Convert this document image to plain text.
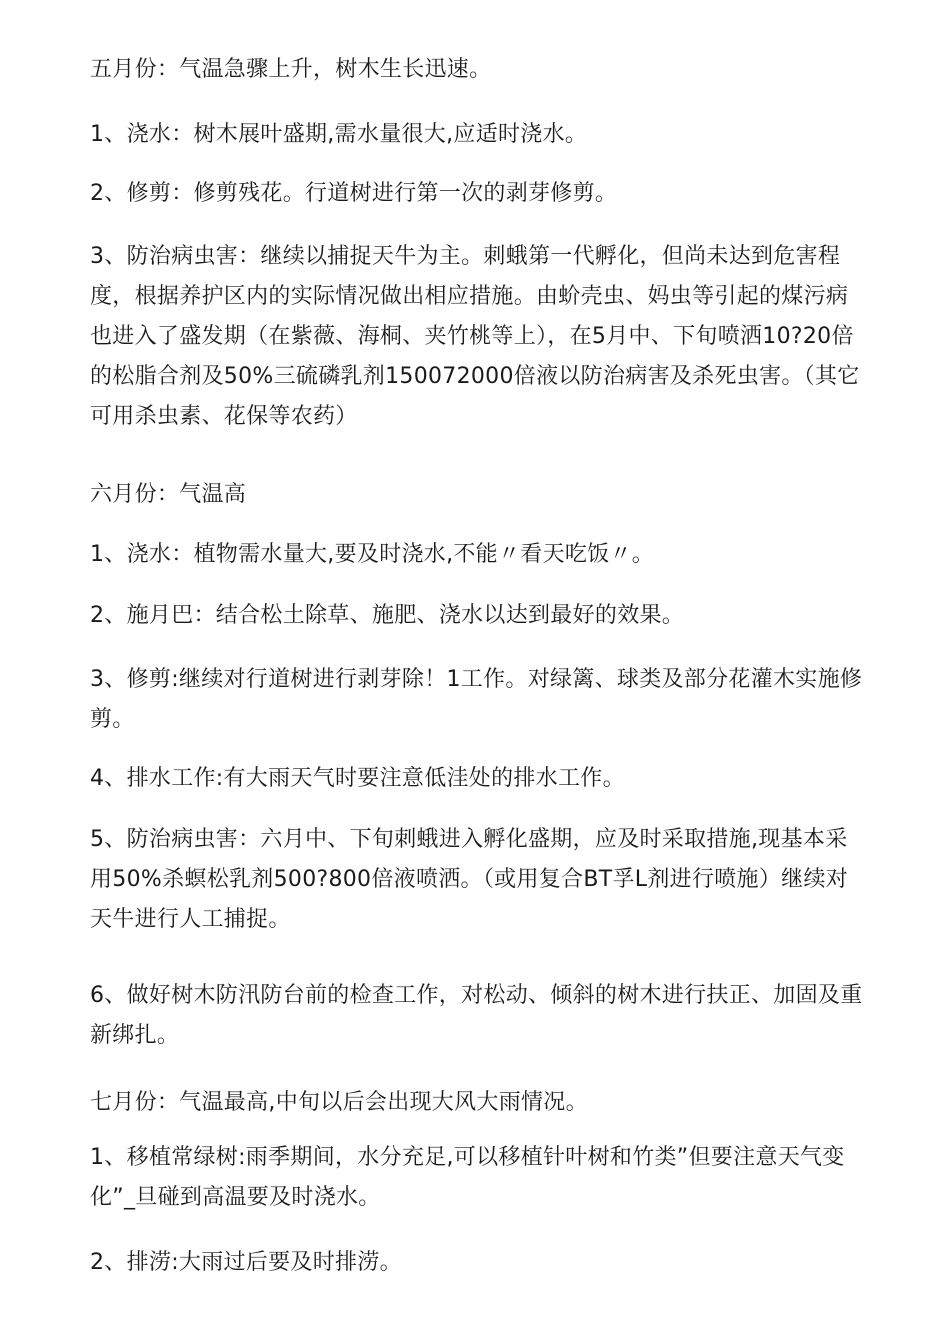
五月份：气温急骤上升，树木生长迅速。

1、浇水：树木展叶盛期,需水量很大,应适时浇水。

2、修剪：修剪残花。行道树进行第一次的剥芽修剪。

3、防治病虫害：继续以捕捉天牛为主。刺蛾第一代孵化，但尚未达到危害程度，根据养护区内的实际情况做出相应措施。由蚧壳虫、妈虫等引起的煤污病也进入了盛发期（在紫薇、海桐、夹竹桃等上），在5月中、下旬喷洒10?20倍的松脂合剂及50%三硫磷乳剂150072000倍液以防治病害及杀死虫害。（其它可用杀虫素、花保等农药）

六月份：气温高

1、浇水：植物需水量大,要及时浇水,不能〃看天吃饭〃。

2、施月巴：结合松土除草、施肥、浇水以达到最好的效果。

3、修剪:继续对行道树进行剥芽除！1工作。对绿篱、球类及部分花灌木实施修剪。

4、排水工作:有大雨天气时要注意低洼处的排水工作。

5、防治病虫害：六月中、下旬刺蛾进入孵化盛期，应及时采取措施,现基本采用50%杀螟松乳剂500?800倍液喷洒。（或用复合BT孚L剂进行喷施）继续对天牛进行人工捕捉。

6、做好树木防汛防台前的检查工作，对松动、倾斜的树木进行扶正、加固及重新绑扎。

七月份：气温最高,中旬以后会出现大风大雨情况。

1、移植常绿树:雨季期间，水分充足,可以移植针叶树和竹类”但要注意天气变化”_旦碰到高温要及时浇水。

2、排涝:大雨过后要及时排涝。
